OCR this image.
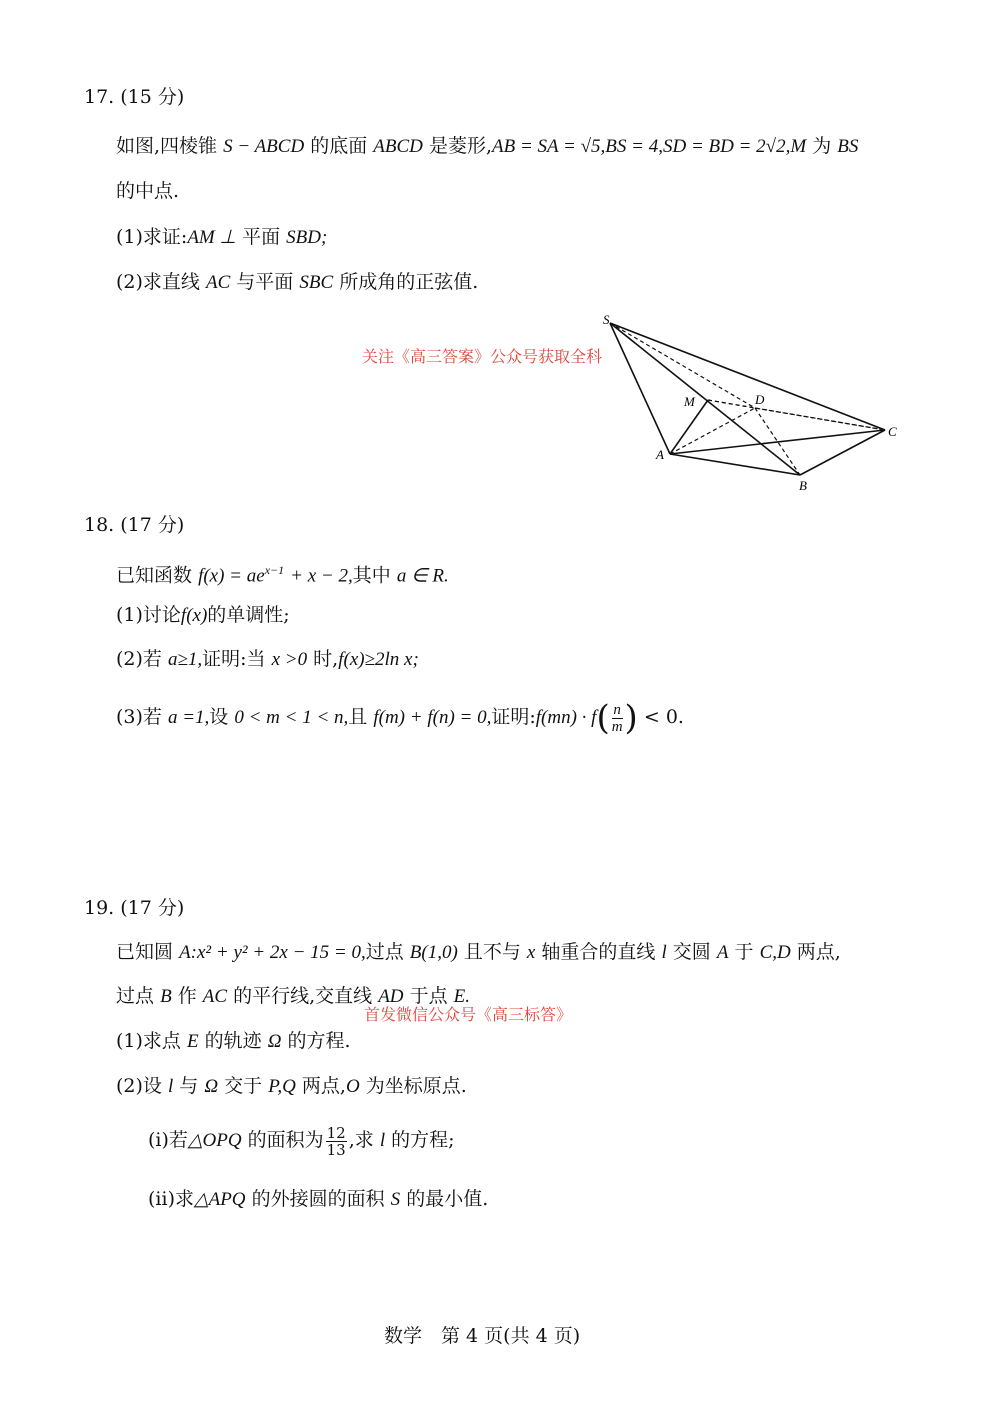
17. (15 分)
如图,四棱锥 S − ABCD 的底面 ABCD 是菱形,AB = SA = √5,BS = 4,SD = BD = 2√2,M 为 BS
的中点.
(1)求证:AM ⊥ 平面 SBD;
(2)求直线 AC 与平面 SBC 所成角的正弦值.
关注《高三答案》公众号获取全科
S
M	D
C
A
B
18. (17 分)
已知函数 $f(x) = ae^{x-1} + x - 2$,其中 a ∈ R.
(1)讨论f(x)的单调性;
(2)若 a≥1,证明:当 x >0 时,f(x)≥2ln x;
(3)若 a =1,设 0 < m < 1 < n,且 f(m) + f(n) = 0,证明:f(mn) · $f( \frac{n}{m}$ ) < 0.
19. (17 分)
已知圆 A:x² + y² + 2x − 15 = 0,过点 B(1,0) 且不与 x 轴重合的直线 l 交圆 A 于 C,D 两点,
过点 B 作 AC 的平行线,交直线 AD 于点 E.
首发微信公众号《高三标答》
(1)求点 E 的轨迹 Ω 的方程.
(2)设 l 与 Ω 交于 P,Q 两点,O 为坐标原点.
(ⅰ)若△OPQ 的面积为 $\frac{12}{13}$ ,求 l 的方程;
(ⅱ)求△APQ 的外接圆的面积 S 的最小值.
数学　第 4 页(共 4 页)
